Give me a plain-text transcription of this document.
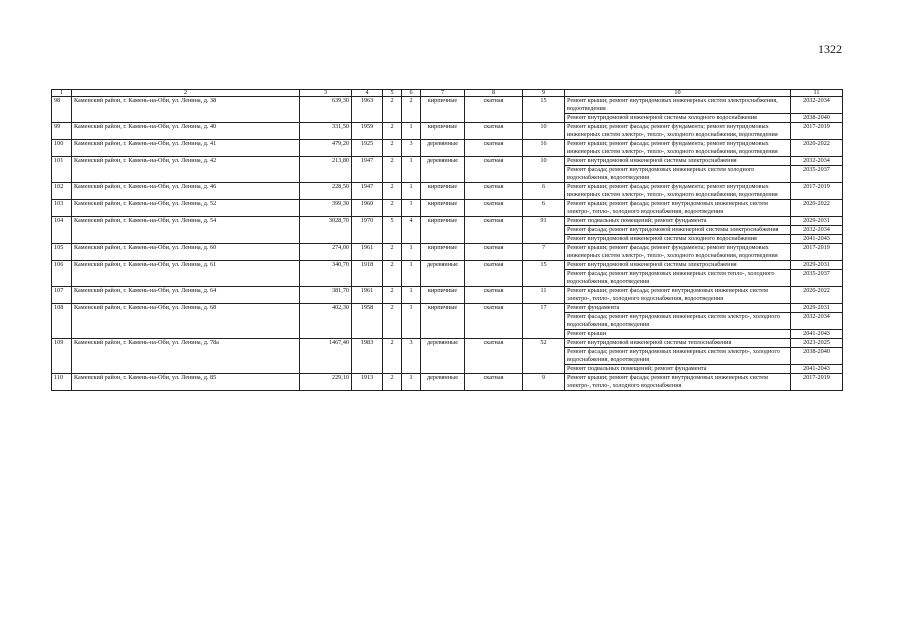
1322
1	2	3	4	5	6	7	8	9	10	11
98	Каменский район, г. Камень-на-Оби, ул. Ленина, д. 38	639,30	1963	2	2	кирпичные	скатная	15	Ремонт крыши; ремонт внутридомовых инженерных систем электроснабжения, водоотведения	2032-2034
									Ремонт внутридомовой инженерной системы холодного водоснабжения	2038-2040
99	Каменский район, г. Камень-на-Оби, ул. Ленина, д. 40	331,50	1959	2	1	кирпичные	скатная	10	Ремонт крыши; ремонт фасада; ремонт фундамента; ремонт внутридомовых инженерных систем электро-, тепло-, холодного водоснабжения, водоотведения	2017-2019
100	Каменский район, г. Камень-на-Оби, ул. Ленина, д. 41	479,20	1925	2	3	деревянные	скатная	16	Ремонт крыши; ремонт фасада; ремонт фундамента; ремонт внутридомовых инженерных систем электро-, тепло-, холодного водоснабжения, водоотведения	2020-2022
101	Каменский район, г. Камень-на-Оби, ул. Ленина, д. 42	213,80	1947	2	1	деревянные	скатная	10	Ремонт внутридомовой инженерной системы электроснабжения	2032-2034
									Ремонт фасада; ремонт внутридомовых инженерных систем холодного водоснабжения, водоотведения	2035-2037
102	Каменский район, г. Камень-на-Оби, ул. Ленина, д. 46	228,50	1947	2	1	кирпичные	скатная	6	Ремонт крыши; ремонт фасада; ремонт фундамента; ремонт внутридомовых инженерных систем электро-, тепло-, холодного водоснабжения, водоотведения	2017-2019
103	Каменский район, г. Камень-на-Оби, ул. Ленина, д. 52	399,30	1960	2	1	кирпичные	скатная	6	Ремонт крыши; ремонт фасада; ремонт внутридомовых инженерных систем электро-, тепло-, холодного водоснабжения, водоотведения	2020-2022
104	Каменский район, г. Камень-на-Оби, ул. Ленина, д. 54	3028,70	1970	5	4	кирпичные	скатная	91	Ремонт подвальных помещений; ремонт фундамента	2029-2031
									Ремонт фасада; ремонт внутридомовой инженерной системы электроснабжения	2032-2034
									Ремонт внутридомовой инженерной системы холодного водоснабжения	2041-2043
105	Каменский район, г. Камень-на-Оби, ул. Ленина, д. 60	274,00	1961	2	1	кирпичные	скатная	7	Ремонт крыши; ремонт фасада; ремонт фундамента; ремонт внутридомовых инженерных систем электро-, тепло-, холодного водоснабжения, водоотведения	2017-2019
106	Каменский район, г. Камень-на-Оби, ул. Ленина, д. 61	340,70	1918	2	1	деревянные	скатная	15	Ремонт внутридомовой инженерной системы электроснабжения	2029-2031
									Ремонт фасада; ремонт внутридомовых инженерных систем тепло-, холодного водоснабжения, водоотведения	2035-2037
107	Каменский район, г. Камень-на-Оби, ул. Ленина, д. 64	381,70	1961	2	1	кирпичные	скатная	11	Ремонт крыши; ремонт фасада; ремонт внутридомовых инженерных систем электро-, тепло-, холодного водоснабжения, водоотведения	2020-2022
108	Каменский район, г. Камень-на-Оби, ул. Ленина, д. 68	402,30	1958	2	1	кирпичные	скатная	17	Ремонт фундамента	2029-2031
									Ремонт фасада; ремонт внутридомовых инженерных систем электро-, холодного водоснабжения, водоотведения	2032-2034
									Ремонт крыши	2041-2043
109	Каменский район, г. Камень-на-Оби, ул. Ленина, д. 78а	1467,40	1983	2	3	деревянные	скатная	52	Ремонт внутридомовой инженерной системы теплоснабжения	2023-2025
									Ремонт фасада; ремонт внутридомовых инженерных систем электро-, холодного водоснабжения, водоотведения	2038-2040
									Ремонт подвальных помещений; ремонт фундамента	2041-2043
110	Каменский район, г. Камень-на-Оби, ул. Ленина, д. 85	229,10	1913	2	1	деревянные	скатная	9	Ремонт крыши; ремонт фасада; ремонт внутридомовых инженерных систем электро-, тепло-, холодного водоснабжения	2017-2019
